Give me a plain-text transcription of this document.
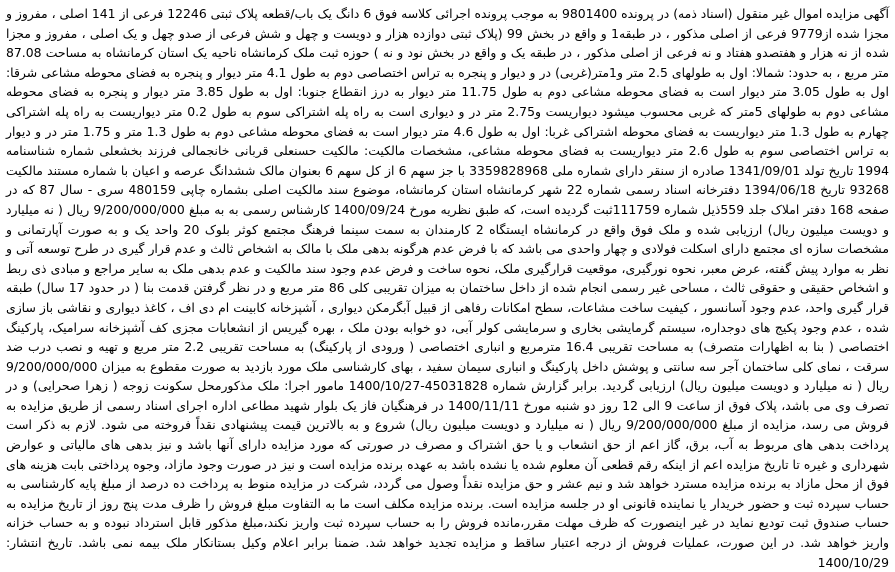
آگهی مزایده اموال غیر منقول (اسناد ذمه) در پرونده 9801400 به موجب پرونده اجرائی کلاسه فوق 6 دانگ یک باب/قطعه پلاک ثبتی 12246 فرعی از 141 اصلی ، مفروز و مجزا شده از9779 فرعی از اصلی مذکور ، در طبقه1 و واقع در بخش 99 (پلاک ثبتی دوازده هزار و دویست و چهل و شش فرعی از صدو چهل و یک اصلی ، مفروز و مجزا شده از نه هزار و هفتصدو هفتاد و نه فرعی از اصلی مذکور ، در طبقه یک و واقع در بخش نود و نه ) حوزه ثبت ملک کرمانشاه ناحیه یک استان کرمانشاه به مساحت 87.08 متر مربع ، به حدود: شمالا: اول به طولهای 2.5 متر و1متر(غربی) در و دیوار و پنجره به تراس اختصاصی دوم به طول 4.1 متر دیوار و پنجره به فضای محوطه مشاعی شرقا: اول به طول 3.05 متر دیوار است به فضای محوطه مشاعی دوم به طول 11.75 متر دیوار به درز انقطاع جنوبا: اول به طول 3.85 متر دیوار و پنجره به فضای محوطه مشاعی دوم به طولهای 5متر که غربی محسوب میشود دیواریست و2.75 متر در و دیواری است به راه پله اشتراکی سوم به طول 0.2 متر دیواریست به راه پله اشتراکی چهارم به طول 1.3 متر دیواریست به فضای محوطه اشتراکی غربا: اول به طول 4.6 متر دیوار است به فضای محوطه مشاعی دوم به طول 1.3 متر و 1.75 متر در و دیوار به تراس اختصاصی سوم به طول 2.6 متر دیواریست به فضای محوطه مشاعی، مشخصات مالکیت: مالکیت حسنعلی قربانی خانجمالی فرزند بخشعلی شماره شناسنامه 1994 تاریخ تولد 1341/09/01 صادره از سنقر دارای شماره ملی 3359828968 با جز سهم 6 از کل سهم 6 بعنوان مالک ششدانگ عرصه و اعیان با شماره مستند مالکیت 93268 تاریخ 1394/06/18 دفترخانه اسناد رسمی شماره 22 شهر کرمانشاه استان کرمانشاه، موضوع سند مالکیت اصلی بشماره چاپی 480159 سری - سال 87 که در صفحه 168 دفتر املاک جلد 559ذیل شماره 111759ثبت گردیده است، که طبق نظریه مورخ 1400/09/24 کارشناس رسمی به به مبلغ 9/200/000/000 ریال ( نه میلیارد و دویست میلیون ریال) ارزیابی شده و ملک فوق واقع در کرمانشاه ایستگاه 2 کارمندان به سمت سینما فرهنگ مجتمع کوثر بلوک 20 واحد یک و به صورت آپارتمانی و مشخصات سازه ای مجتمع دارای اسکلت فولادی و چهار واحدی می باشد که با فرض عدم هرگونه بدهی ملک با مالک به اشخاص ثالث و عدم قرار گیری در طرح توسعه آتی و نظر به موارد پیش گفته، عرض معبر، نحوه نورگیری، موقعیت قرارگیری ملک، نحوه ساخت و فرض عدم وجود سند مالکیت و عدم بدهی ملک به سایر مراجع و مبادی ذی ربط و اشخاص حقیقی و حقوقی ثالث ، مساحی غیر رسمی انجام شده از داخل ساختمان به میزان تقریبی کلی 86 متر مربع و در نظر گرفتن قدمت بنا ( در حدود 17 سال) طبقه قرار گیری واحد، عدم وجود آسانسور ، کیفیت ساخت مشاعات، سطح امکانات رفاهی از قبیل آبگرمکن دیواری ، آشپزخانه کابینت ام دی اف ، کاغذ دیواری و نقاشی باز سازی شده ، عدم وجود پکیج های دوجداره، سیستم گرمایشی بخاری و سرمایشی کولر آبی، دو خوابه بودن ملک ، بهره گیریس از انشعابات مجزی کف آشپزخانه سرامیک، پارکینگ اختصاصی ( بنا به اظهارات متصرف) به مساحت تقریبی 16.4 مترمربع و انباری اختصاصی ( ورودی از پارکینگ) به مساحت تقریبی 2.2 متر مربع و تهیه و نصب درب ضد سرقت ، نمای کلی ساختمان آجر سه سانتی و پوشش داخل پارکینگ و انباری سیمان سفید ، بهای کارشناسی ملک مورد بازدید به صورت مقطوع به میزان 9/200/000/000 ریال ( نه میلیارد و دویست میلیون ریال) ارزیابی گردید. برابر گزارش شماره 45031828-1400/10/27 مامور اجرا: ملک مذکورمحل سکونت زوجه ( زهرا صحرایی) و در تصرف وی می باشد، پلاک فوق از ساعت 9 الی 12 روز دو شنبه مورخ 1400/11/11 در فرهنگیان فاز یک بلوار شهید مطاعی اداره اجرای اسناد رسمی از طریق مزایده به فروش می رسد، مزایده از مبلغ 9/200/000/000 ریال ( نه میلیارد و دویست میلیون ریال) شروع و به بالاترین قیمت پیشنهادی نقداً فروخته می شود. لازم به ذکر است پرداخت بدهی های مربوط به آب، برق، گاز اعم از حق انشعاب و یا حق اشتراک و مصرف در صورتی که مورد مزایده دارای آنها باشد و نیز بدهی های مالیاتی و عوارض شهرداری و غیره تا تاریخ مزایده اعم از اینکه رقم قطعی آن معلوم شده یا نشده باشد به عهده برنده مزایده است و نیز در صورت وجود مازاد، وجوه پرداختی بابت هزینه های فوق از محل مازاد به برنده مزایده مسترد خواهد شد و نیم عشر و حق مزایده نقداً وصول می گردد، شرکت در مزایده منوط به پرداخت ده درصد از مبلغ پایه کارشناسی به حساب سپرده ثبت و حضور خریدار یا نماینده قانونی او در جلسه مزایده است. برنده مزایده مکلف است ما به التفاوت مبلغ فروش را ظرف مدت پنج روز از تاریخ مزایده به حساب صندوق ثبت تودیع نماید در غیر اینصورت که ظرف مهلت مقرر،مانده فروش را به حساب سپرده ثبت واریز نکند،مبلغ مذکور قابل استرداد نبوده و به حساب خزانه واریز خواهد شد. در این صورت، عملیات فروش از درجه اعتبار ساقط و مزایده تجدید خواهد شد. ضمنا برابر اعلام وکیل بستانکار ملک بیمه نمی باشد. تاریخ انتشار: 1400/10/29
